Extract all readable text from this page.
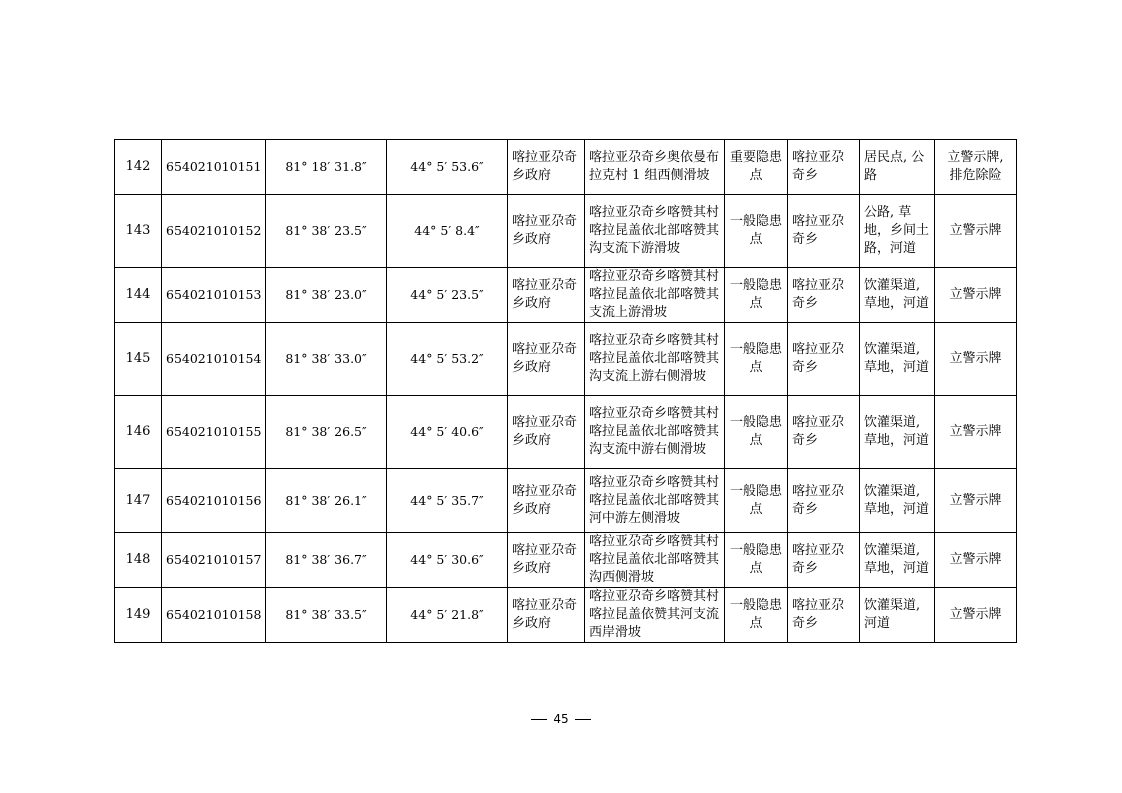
142	654021010151	81° 18′ 31.8″	44° 5′ 53.6″	喀拉亚尕奇乡政府	喀拉亚尕奇乡奥依曼布拉克村 1 组西侧滑坡	重要隐患点	喀拉亚尕奇乡	居民点, 公路	立警示牌, 排危除险
143	654021010152	81° 38′ 23.5″	44° 5′ 8.4″	喀拉亚尕奇乡政府	喀拉亚尕奇乡喀赞其村喀拉昆盖依北部喀赞其沟支流下游滑坡	一般隐患点	喀拉亚尕奇乡	公路, 草地，乡间土路，河道	立警示牌
144	654021010153	81° 38′ 23.0″	44° 5′ 23.5″	喀拉亚尕奇乡政府	喀拉亚尕奇乡喀赞其村喀拉昆盖依北部喀赞其支流上游滑坡	一般隐患点	喀拉亚尕奇乡	饮灌渠道, 草地，河道	立警示牌
145	654021010154	81° 38′ 33.0″	44° 5′ 53.2″	喀拉亚尕奇乡政府	喀拉亚尕奇乡喀赞其村喀拉昆盖依北部喀赞其沟支流上游右侧滑坡	一般隐患点	喀拉亚尕奇乡	饮灌渠道, 草地，河道	立警示牌
146	654021010155	81° 38′ 26.5″	44° 5′ 40.6″	喀拉亚尕奇乡政府	喀拉亚尕奇乡喀赞其村喀拉昆盖依北部喀赞其沟支流中游右侧滑坡	一般隐患点	喀拉亚尕奇乡	饮灌渠道, 草地，河道	立警示牌
147	654021010156	81° 38′ 26.1″	44° 5′ 35.7″	喀拉亚尕奇乡政府	喀拉亚尕奇乡喀赞其村喀拉昆盖依北部喀赞其河中游左侧滑坡	一般隐患点	喀拉亚尕奇乡	饮灌渠道, 草地，河道	立警示牌
148	654021010157	81° 38′ 36.7″	44° 5′ 30.6″	喀拉亚尕奇乡政府	喀拉亚尕奇乡喀赞其村喀拉昆盖依北部喀赞其沟西侧滑坡	一般隐患点	喀拉亚尕奇乡	饮灌渠道, 草地，河道	立警示牌
149	654021010158	81° 38′ 33.5″	44° 5′ 21.8″	喀拉亚尕奇乡政府	喀拉亚尕奇乡喀赞其村喀拉昆盖依赞其河支流西岸滑坡	一般隐患点	喀拉亚尕奇乡	饮灌渠道, 河道	立警示牌
45
